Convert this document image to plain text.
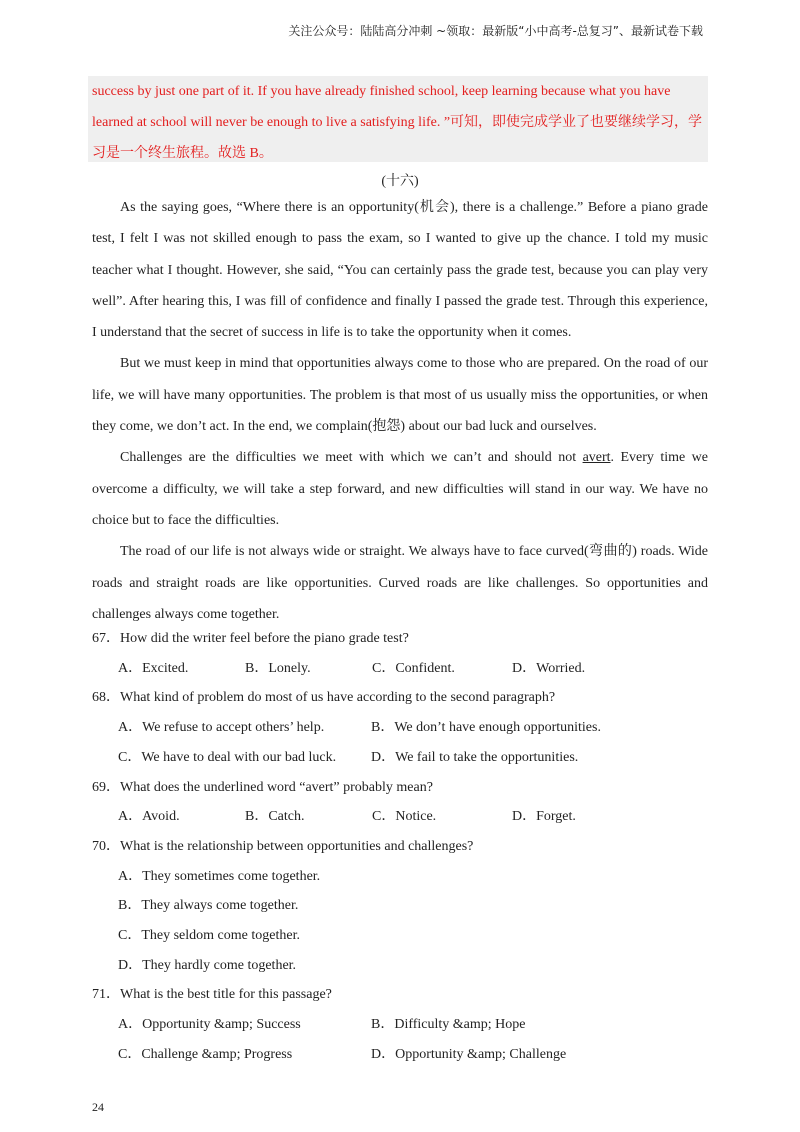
关注公众号：陆陆高分冲刺 ~领取：最新版“小中高考-总复习”、最新试卷下载

success by just one part of it. If you have already finished school, keep learning because what you have

learned at school will never be enough to live a satisfying life. ”可知，即使完成学业了也要继续学习，学

习是一个终生旅程。故选 B。

(十六)

As the saying goes, “Where there is an opportunity(机会), there is a challenge.” Before a piano grade test, I felt I was not skilled enough to pass the exam, so I wanted to give up the chance. I told my music teacher what I thought. However, she said, “You can certainly pass the grade test, because you can play very well”. After hearing this, I was fill of confidence and finally I passed the grade test. Through this experience, I understand that the secret of success in life is to take the opportunity when it comes.

But we must keep in mind that opportunities always come to those who are prepared. On the road of our life, we will have many opportunities. The problem is that most of us usually miss the opportunities, or when they come, we don’t act. In the end, we complain(抱怨) about our bad luck and ourselves.

Challenges are the difficulties we meet with which we can’t and should not avert. Every time we overcome a difficulty, we will take a step forward, and new difficulties will stand in our way. We have no choice but to face the difficulties.

The road of our life is not always wide or straight. We always have to face curved(弯曲的) roads. Wide roads and straight roads are like opportunities. Curved roads are like challenges. So opportunities and challenges always come together.

67．How did the writer feel before the piano grade test?

A．Excited.	B．Lonely.	C．Confident.	D．Worried.

68．What kind of problem do most of us have according to the second paragraph?

A．We refuse to accept others’ help.	B．We don’t have enough opportunities.
C．We have to deal with our bad luck.	D．We fail to take the opportunities.

69．What does the underlined word “avert” probably mean?

A．Avoid.	B．Catch.	C．Notice.	D．Forget.

70．What is the relationship between opportunities and challenges?

A．They sometimes come together.
B．They always come together.
C．They seldom come together.
D．They hardly come together.

71．What is the best title for this passage?

A．Opportunity &amp; Success	B．Difficulty &amp; Hope
C．Challenge &amp; Progress	D．Opportunity &amp; Challenge
24
